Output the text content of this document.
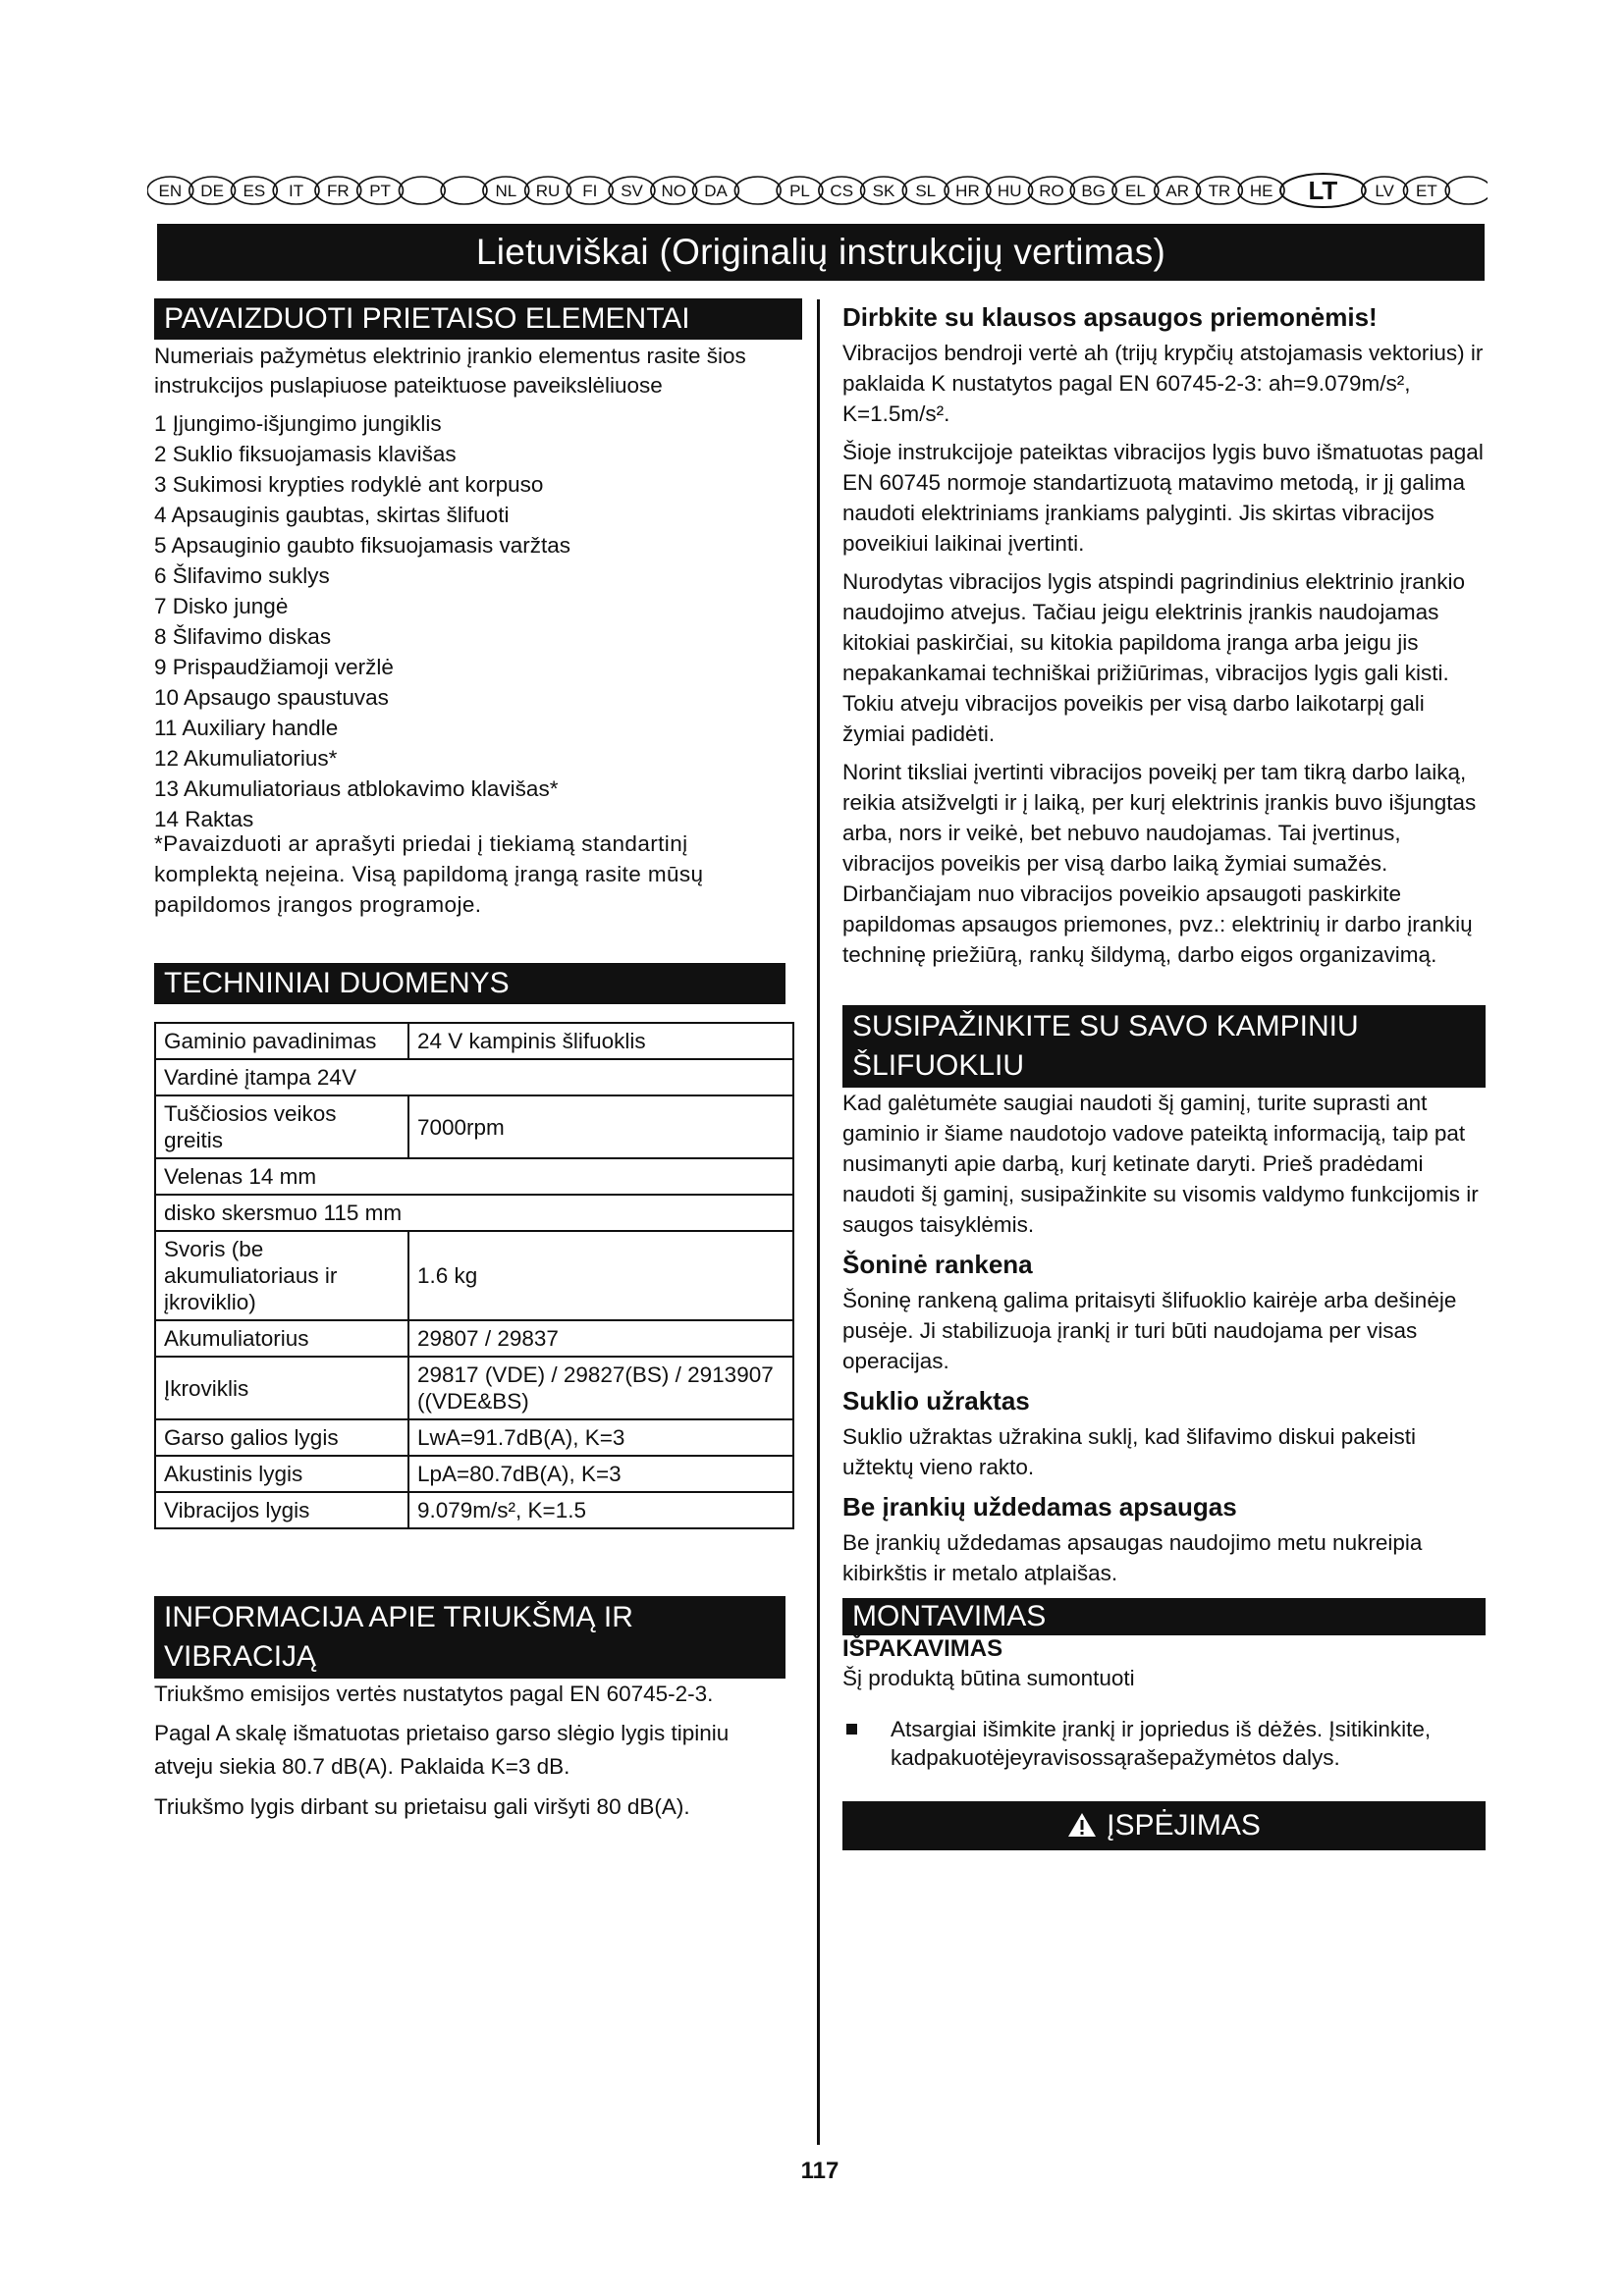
EN DE ES IT FR PT	NL RU FI SV NO DA	PL CS SK SL HR HU RO BG EL AR TR HE LT LV ET
Lietuviškai (Originalių instrukcijų vertimas)
PAVAIZDUOTI PRIETAISO ELEMENTAI

Numeriais pažymėtus elektrinio įrankio elementus rasite šios instrukcijos puslapiuose pateiktuose paveikslėliuose

1 Įjungimo-išjungimo jungiklis

2 Suklio fiksuojamasis klavišas

3 Sukimosi krypties rodyklė ant korpuso

4 Apsauginis gaubtas, skirtas šlifuoti

5 Apsauginio gaubto fiksuojamasis varžtas

6 Šlifavimo suklys

7 Disko jungė

8 Šlifavimo diskas

9 Prispaudžiamoji veržlė

10 Apsaugo spaustuvas

11 Auxiliary handle

12 Akumuliatorius*

13 Akumuliatoriaus atblokavimo klavišas*

14 Raktas

*Pavaizduoti ar aprašyti priedai į tiekiamą standartinį komplektą neįeina. Visą papildomą įrangą rasite mūsų papildomos įrangos programoje.

TECHNINIAI DUOMENYS
Gaminio pavadinimas	24 V kampinis šlifuoklis
Vardinė įtampa 24V	
Tuščiosios veikos greitis	7000rpm
Velenas 14 mm	
disko skersmuo 115 mm	
Svoris (be akumuliatoriaus ir įkroviklio)	1.6 kg
Akumuliatorius	29807 / 29837
Įkroviklis	29817 (VDE) / 29827(BS) / 2913907 ((VDE&BS)
Garso galios lygis	LwA=91.7dB(A), K=3
Akustinis lygis	LpA=80.7dB(A), K=3
Vibracijos lygis	9.079m/s², K=1.5
INFORMACIJA APIE TRIUKŠMĄ IR VIBRACIJĄ

Triukšmo emisijos vertės nustatytos pagal EN 60745-2-3.

Pagal A skalę išmatuotas prietaiso garso slėgio lygis tipiniu atveju siekia 80.7 dB(A). Paklaida K=3 dB.

Triukšmo lygis dirbant su prietaisu gali viršyti 80 dB(A).

Dirbkite su klausos apsaugos priemonėmis!

Vibracijos bendroji vertė ah (trijų krypčių atstojamasis vektorius) ir paklaida K nustatytos pagal EN 60745-2-3: ah=9.079m/s², K=1.5m/s².

Šioje instrukcijoje pateiktas vibracijos lygis buvo išmatuotas pagal EN 60745 normoje standartizuotą matavimo metodą, ir jį galima naudoti elektriniams įrankiams palyginti. Jis skirtas vibracijos poveikiui laikinai įvertinti.

Nurodytas vibracijos lygis atspindi pagrindinius elektrinio įrankio naudojimo atvejus. Tačiau jeigu elektrinis įrankis naudojamas kitokiai paskirčiai, su kitokia papildoma įranga arba jeigu jis nepakankamai techniškai prižiūrimas, vibracijos lygis gali kisti. Tokiu atveju vibracijos poveikis per visą darbo laikotarpį gali žymiai padidėti.

Norint tiksliai įvertinti vibracijos poveikį per tam tikrą darbo laiką, reikia atsižvelgti ir į laiką, per kurį elektrinis įrankis buvo išjungtas arba, nors ir veikė, bet nebuvo naudojamas. Tai įvertinus, vibracijos poveikis per visą darbo laiką žymiai sumažės. Dirbančiajam nuo vibracijos poveikio apsaugoti paskirkite papildomas apsaugos priemones, pvz.: elektrinių ir darbo įrankių techninę priežiūrą, rankų šildymą, darbo eigos organizavimą.

SUSIPAŽINKITE SU SAVO KAMPINIU ŠLIFUOKLIU

Kad galėtumėte saugiai naudoti šį gaminį, turite suprasti ant gaminio ir šiame naudotojo vadove pateiktą informaciją, taip pat nusimanyti apie darbą, kurį ketinate daryti. Prieš pradėdami naudoti šį gaminį, susipažinkite su visomis valdymo funkcijomis ir saugos taisyklėmis.

Šoninė rankena

Šoninę rankeną galima pritaisyti šlifuoklio kairėje arba dešinėje pusėje. Ji stabilizuoja įrankį ir turi būti naudojama per visas operacijas.

Suklio užraktas

Suklio užraktas užrakina suklį, kad šlifavimo diskui pakeisti užtektų vieno rakto.

Be įrankių uždedamas apsaugas

Be įrankių uždedamas apsaugas naudojimo metu nukreipia kibirkštis ir metalo atplaišas.

MONTAVIMAS
IŠPAKAVIMAS

Šį produktą būtina sumontuoti

Atsargiai išimkite įrankį ir jopriedus iš dėžės. Įsitikinkite, kadpakuotėjeyravisossąrašepažymėtos dalys.

ĮSPĖJIMAS
117
